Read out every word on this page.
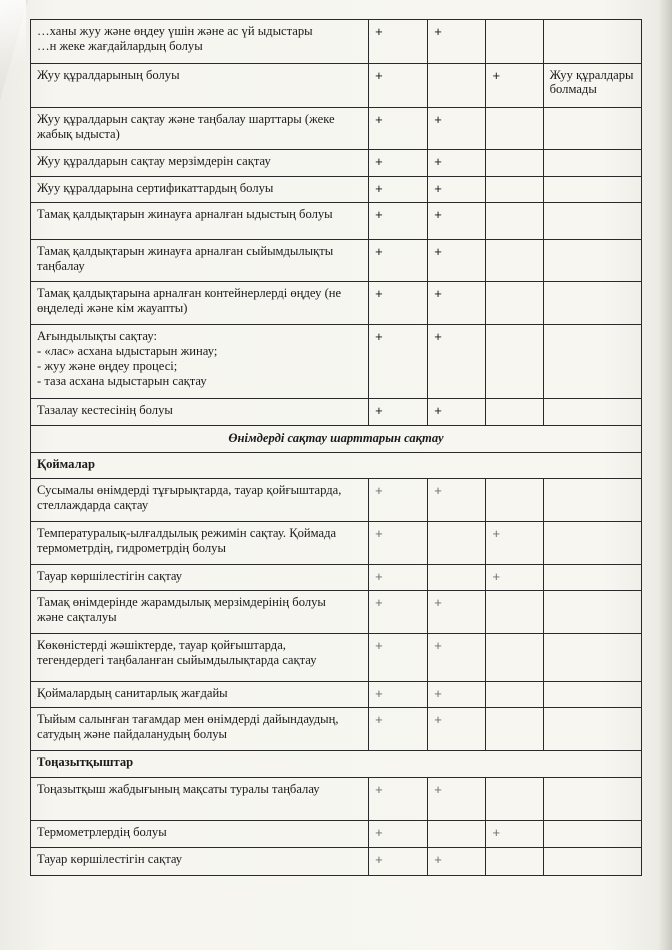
…ханы жуу және өңдеу үшін және ас үй ыдыстары
…н жеке жағдайлардың болуы	+	+		

Жуу құралдарының болуы	+		+	Жуу құралдары
болмады

Жуу құралдарын сақтау және таңбалау шарттары (жеке
жабық ыдыста)	+	+		

Жуу құралдарын сақтау мерзімдерін сақтау	+	+		

Жуу құралдарына сертификаттардың болуы	+	+		

Тамақ қалдықтарын жинауға арналған ыдыстың болуы	+	+		

Тамақ қалдықтарын жинауға арналған сыйымдылықты
таңбалау	+	+		

Тамақ қалдықтарына арналған контейнерлерді өңдеу (не
өңделеді және кім жауапты)	+	+		

Ағындылықты сақтау:
- «лас» асхана ыдыстарын жинау;
- жуу және өңдеу процесі;
- таза асхана ыдыстарын сақтау	+	+		

Тазалау кестесінің болуы	+	+		
Өнімдерді сақтау шарттарын сақтау				
Қоймалар				

Сусымалы өнімдерді тұғырықтарда, тауар қойғыштарда,
стеллаждарда сақтау	+	+		

Температуралық-ылғалдылық режимін сақтау. Қоймада
термометрдің, гидрометрдің болуы	+		+	

Тауар көршілестігін сақтау	+		+	

Тамақ өнімдерінде жарамдылық мерзімдерінің болуы
және сақталуы	+	+		

Көкөністерді жәшіктерде, тауар қойғыштарда,
тегендердегі таңбаланған сыйымдылықтарда сақтау	+	+		

Қоймалардың санитарлық жағдайы	+	+		

Тыйым салынған тағамдар мен өнімдерді дайындаудың,
сатудың және пайдаланудың болуы	+	+		
Тоңазытқыштар				

Тоңазытқыш жабдығының мақсаты туралы таңбалау	+	+		

Термометрлердің болуы	+		+	

Тауар көршілестігін сақтау	+	+		
